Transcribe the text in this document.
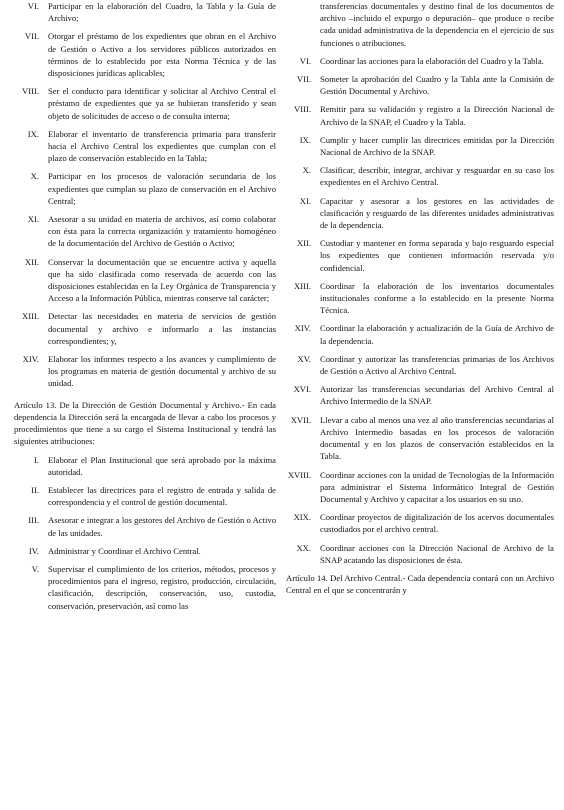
VI.	Participar en la elaboración del Cuadro, la Tabla y la Guía de Archivo;
VII.	Otorgar el préstamo de los expedientes que obran en el Archivo de Gestión o Activo a los servidores públicos autorizados en términos de lo establecido por esta Norma Técnica y de las disposiciones jurídicas aplicables;
VIII.	Ser el conducto para identificar y solicitar al Archivo Central el préstamo de expedientes que ya se hubieran transferido y sean objeto de solicitudes de acceso o de consulta interna;
IX.	Elaborar el inventario de transferencia primaria para transferir hacia el Archivo Central los expedientes que cumplan con el plazo de conservación establecido en la Tabla;
X.	Participar en los procesos de valoración secundaria de los expedientes que cumplan su plazo de conservación en el Archivo Central;
XI.	Asesorar a su unidad en materia de archivos, así como colaborar con ésta para la correcta organización y tratamiento homogéneo de la documentación del Archivo de Gestión o Activo;
XII.	Conservar la documentación que se encuentre activa y aquella que ha sido clasificada como reservada de acuerdo con las disposiciones establecidas en la Ley Orgánica de Transparencia y Acceso a la Información Pública, mientras conserve tal carácter;
XIII.	Detectar las necesidades en materia de servicios de gestión documental y archivo e informarlo a las instancias correspondientes; y,
XIV.	Elaborar los informes respecto a los avances y cumplimiento de los programas en materia de gestión documental y archivo de su unidad.

Artículo 13. De la Dirección de Gestión Documental y Archivo.- En cada dependencia la Dirección será la encargada de llevar a cabo los procesos y procedimientos que tiene a su cargo el Sistema Institucional y tendrá las siguientes atribuciones:

I.	Elaborar el Plan Institucional que será aprobado por la máxima autoridad.
II.	Establecer las directrices para el registro de entrada y salida de correspondencia y el control de gestión documental.
III.	Asesorar e integrar a los gestores del Archivo de Gestión o Activo de las unidades.
IV.	Administrar y Coordinar el Archivo Central.
V.	Supervisar el cumplimiento de los criterios, métodos, procesos y procedimientos para el ingreso, registro, producción, circulación, clasificación, descripción, conservación, uso, custodia, conservación, preservación, así como las

transferencias documentales y destino final de los documentos de archivo –incluido el expurgo o depuración– que produce o recibe cada unidad administrativa de la dependencia en el ejercicio de sus funciones o atribuciones.

VI.	Coordinar las acciones para la elaboración del Cuadro y la Tabla.
VII.	Someter la aprobación del Cuadro y la Tabla ante la Comisión de Gestión Documental y Archivo.
VIII.	Remitir para su validación y registro a la Dirección Nacional de Archivo de la SNAP, el Cuadro y la Tabla.
IX.	Cumplir y hacer cumplir las directrices emitidas por la Dirección Nacional de Archivo de la SNAP.
X.	Clasificar, describir, integrar, archivar y resguardar en su caso los expedientes en el Archivo Central.
XI.	Capacitar y asesorar a los gestores en las actividades de clasificación y resguardo de las diferentes unidades administrativas de la dependencia.
XII.	Custodiar y mantener en forma separada y bajo resguardo especial los expedientes que contienen información reservada y/o confidencial.
XIII.	Coordinar la elaboración de los inventarios documentales institucionales conforme a lo establecido en la presente Norma Técnica.
XIV.	Coordinar la elaboración y actualización de la Guía de Archivo de la dependencia.
XV.	Coordinar y autorizar las transferencias primarias de los Archivos de Gestión o Activo al Archivo Central.
XVI.	Autorizar las transferencias secundarias del Archivo Central al Archivo Intermedio de la SNAP.
XVII.	Llevar a cabo al menos una vez al año transferencias secundarias al Archivo Intermedio basadas en los procesos de valoración documental y en los plazos de conservación establecidos en la Tabla.
XVIII.	Coordinar acciones con la unidad de Tecnologías de la Información para administrar el Sistema Informático Integral de Gestión Documental y Archivo y capacitar a los usuarios en su uso.
XIX.	Coordinar proyectos de digitalización de los acervos documentales custodiados por el archivo central.
XX.	Coordinar acciones con la Dirección Nacional de Archivo de la SNAP acatando las disposiciones de ésta.

Artículo 14. Del Archivo Central.- Cada dependencia contará con un Archivo Central en el que se concentrarán y
